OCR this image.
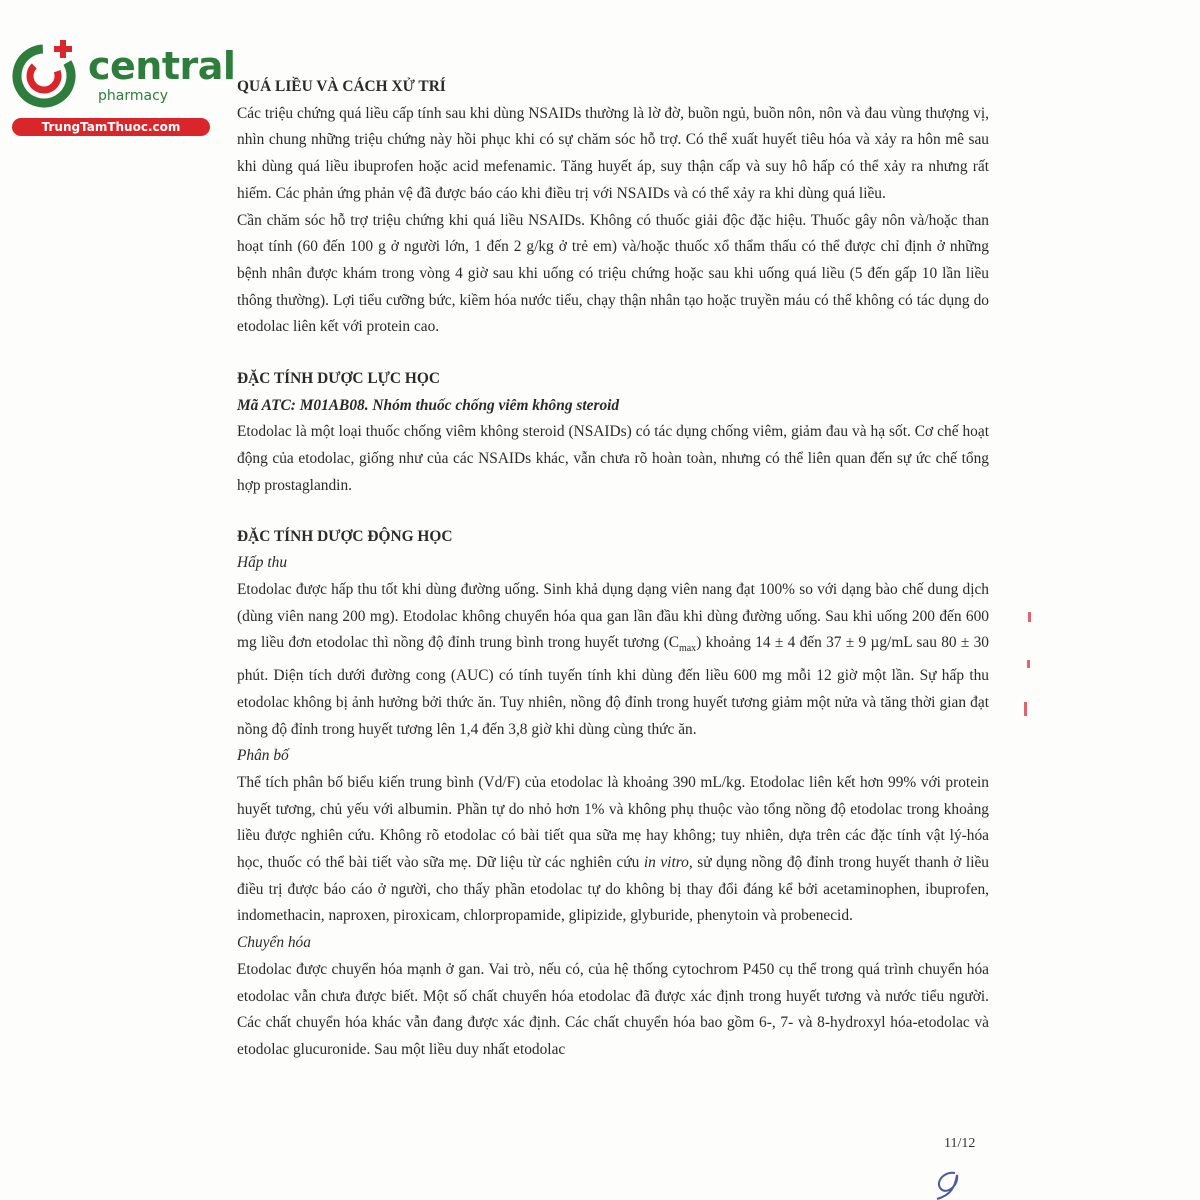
central
pharmacy
TrungTamThuoc.com

QUÁ LIỀU VÀ CÁCH XỬ TRÍ

Các triệu chứng quá liều cấp tính sau khi dùng NSAIDs thường là lờ đờ, buồn ngủ, buồn nôn, nôn và đau vùng thượng vị, nhìn chung những triệu chứng này hồi phục khi có sự chăm sóc hỗ trợ. Có thể xuất huyết tiêu hóa và xảy ra hôn mê sau khi dùng quá liều ibuprofen hoặc acid mefenamic. Tăng huyết áp, suy thận cấp và suy hô hấp có thể xảy ra nhưng rất hiếm. Các phản ứng phản vệ đã được báo cáo khi điều trị với NSAIDs và có thể xảy ra khi dùng quá liều.

Cần chăm sóc hỗ trợ triệu chứng khi quá liều NSAIDs. Không có thuốc giải độc đặc hiệu. Thuốc gây nôn và/hoặc than hoạt tính (60 đến 100 g ở người lớn, 1 đến 2 g/kg ở trẻ em) và/hoặc thuốc xổ thẩm thấu có thể được chỉ định ở những bệnh nhân được khám trong vòng 4 giờ sau khi uống có triệu chứng hoặc sau khi uống quá liều (5 đến gấp 10 lần liều thông thường). Lợi tiểu cưỡng bức, kiềm hóa nước tiểu, chạy thận nhân tạo hoặc truyền máu có thể không có tác dụng do etodolac liên kết với protein cao.

ĐẶC TÍNH DƯỢC LỰC HỌC

Mã ATC: M01AB08. Nhóm thuốc chống viêm không steroid

Etodolac là một loại thuốc chống viêm không steroid (NSAIDs) có tác dụng chống viêm, giảm đau và hạ sốt. Cơ chế hoạt động của etodolac, giống như của các NSAIDs khác, vẫn chưa rõ hoàn toàn, nhưng có thể liên quan đến sự ức chế tổng hợp prostaglandin.

ĐẶC TÍNH DƯỢC ĐỘNG HỌC

Hấp thu

Etodolac được hấp thu tốt khi dùng đường uống. Sinh khả dụng dạng viên nang đạt 100% so với dạng bào chế dung dịch (dùng viên nang 200 mg). Etodolac không chuyển hóa qua gan lần đầu khi dùng đường uống. Sau khi uống 200 đến 600 mg liều đơn etodolac thì nồng độ đỉnh trung bình trong huyết tương $(C_{max})$ khoảng 14 ± 4 đến 37 ± 9 µg/mL sau 80 ± 30 phút. Diện tích dưới đường cong (AUC) có tính tuyến tính khi dùng đến liều 600 mg mỗi 12 giờ một lần. Sự hấp thu etodolac không bị ảnh hưởng bởi thức ăn. Tuy nhiên, nồng độ đỉnh trong huyết tương giảm một nửa và tăng thời gian đạt nồng độ đỉnh trong huyết tương lên 1,4 đến 3,8 giờ khi dùng cùng thức ăn.

Phân bố

Thể tích phân bố biểu kiến trung bình (Vd/F) của etodolac là khoảng 390 mL/kg. Etodolac liên kết hơn 99% với protein huyết tương, chủ yếu với albumin. Phần tự do nhỏ hơn 1% và không phụ thuộc vào tổng nồng độ etodolac trong khoảng liều được nghiên cứu. Không rõ etodolac có bài tiết qua sữa mẹ hay không; tuy nhiên, dựa trên các đặc tính vật lý-hóa học, thuốc có thể bài tiết vào sữa mẹ. Dữ liệu từ các nghiên cứu in vitro, sử dụng nồng độ đỉnh trong huyết thanh ở liều điều trị được báo cáo ở người, cho thấy phần etodolac tự do không bị thay đổi đáng kể bởi acetaminophen, ibuprofen, indomethacin, naproxen, piroxicam, chlorpropamide, glipizide, glyburide, phenytoin và probenecid.

Chuyển hóa

Etodolac được chuyển hóa mạnh ở gan. Vai trò, nếu có, của hệ thống cytochrom P450 cụ thể trong quá trình chuyển hóa etodolac vẫn chưa được biết. Một số chất chuyển hóa etodolac đã được xác định trong huyết tương và nước tiểu người. Các chất chuyển hóa khác vẫn đang được xác định. Các chất chuyển hóa bao gồm 6-, 7- và 8-hydroxyl hóa-etodolac và etodolac glucuronide. Sau một liều duy nhất etodolac

11/12
